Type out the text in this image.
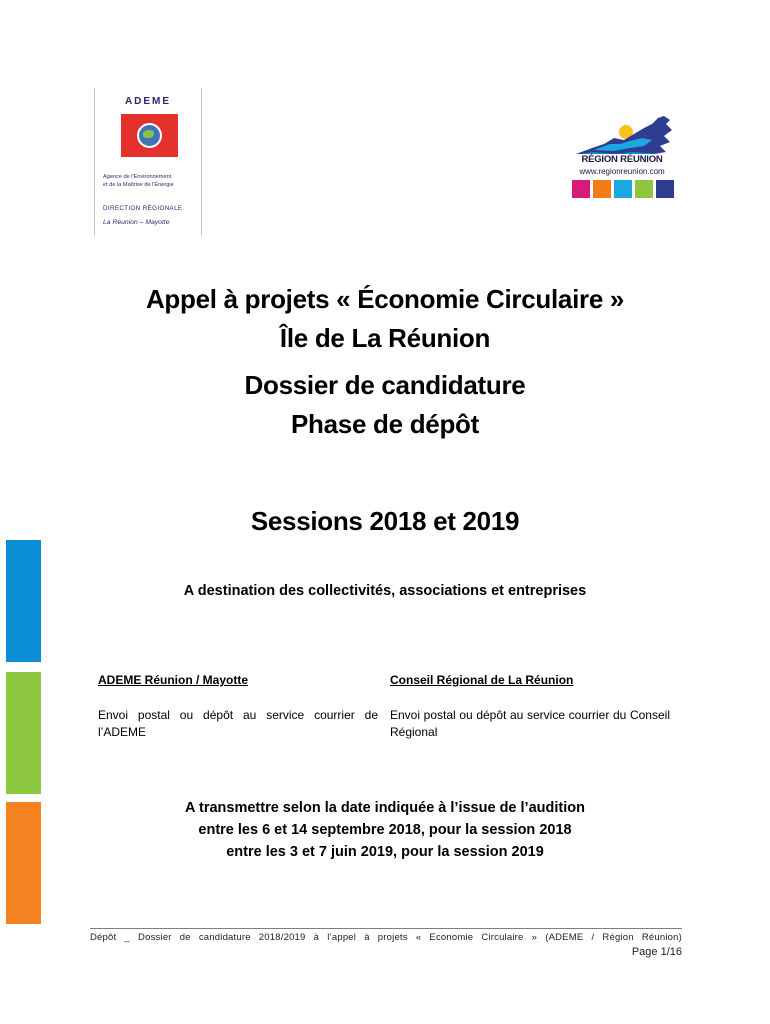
ADEME
Agence de l'Environnement
et de la Maîtrise de l'Énergie
DIRECTION RÉGIONALE
La Réunion – Mayotte
RÉGION RÉUNION
www.regionreunion.com
Appel à projets « Économie Circulaire »
Île de La Réunion
Dossier de candidature
Phase de dépôt
Sessions 2018 et 2019
A destination des collectivités, associations et entreprises
ADEME Réunion / Mayotte
Envoi postal ou dépôt au service courrier de l’ADEME
Conseil Régional de La Réunion
Envoi postal ou dépôt au service courrier du Conseil Régional
A transmettre selon la date indiquée à l’issue de l’audition
entre les 6 et 14 septembre 2018, pour la session 2018
entre les 3 et 7 juin 2019, pour la session 2019
Dépôt _ Dossier de candidature 2018/2019 à l’appel à projets « Economie Circulaire » (ADEME / Région Réunion)
Page 1/16
